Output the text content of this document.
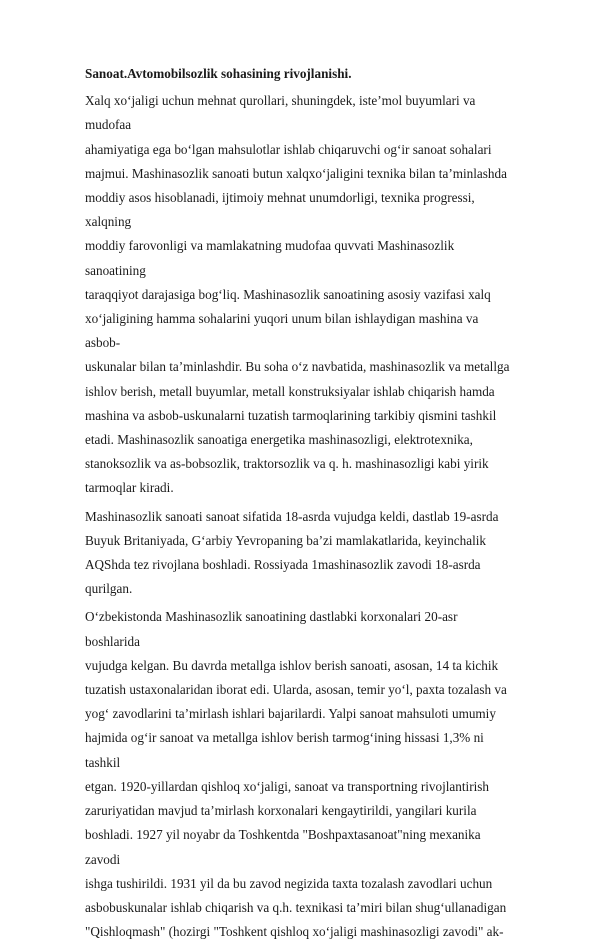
Sanoat.Avtomobilsozlik sohasining rivojlanishi.
Xalq xo‘jaligi uchun mehnat qurollari, shuningdek, iste’mol buyumlari va mudofaa
ahamiyatiga ega bo‘lgan mahsulotlar ishlab chiqaruvchi og‘ir sanoat sohalari
majmui. Mashinasozlik sanoati butun xalqxo‘jaligini texnika bilan ta’minlashda
moddiy asos hisoblanadi, ijtimoiy mehnat unumdorligi, texnika progressi, xalqning
moddiy farovonligi va mamlakatning mudofaa quvvati Mashinasozlik sanoatining
taraqqiyot darajasiga bog‘liq. Mashinasozlik sanoatining asosiy vazifasi xalq
xo‘jaligining hamma sohalarini yuqori unum bilan ishlaydigan mashina va asbob-
uskunalar bilan ta’minlashdir. Bu soha o‘z navbatida, mashinasozlik va metallga
ishlov berish, metall buyumlar, metall konstruksiyalar ishlab chiqarish hamda
mashina va asbob-uskunalarni tuzatish tarmoqlarining tarkibiy qismini tashkil
etadi. Mashinasozlik sanoatiga energetika mashinasozligi, elektrotexnika,
stanoksozlik va as-bobsozlik, traktorsozlik va q. h. mashinasozligi kabi yirik
tarmoqlar kiradi.
Mashinasozlik sanoati sanoat sifatida 18-asrda vujudga keldi, dastlab 19-asrda
Buyuk Britaniyada, G‘arbiy Yevropaning ba’zi mamlakatlarida, keyinchalik
AQShda tez rivojlana boshladi. Rossiyada 1mashinasozlik zavodi 18-asrda
qurilgan.
O‘zbekistonda Mashinasozlik sanoatining dastlabki korxonalari 20-asr boshlarida
vujudga kelgan. Bu davrda metallga ishlov berish sanoati, asosan, 14 ta kichik
tuzatish ustaxonalaridan iborat edi. Ularda, asosan, temir yo‘l, paxta tozalash va
yog‘ zavodlarini ta’mirlash ishlari bajarilardi. Yalpi sanoat mahsuloti umumiy
hajmida og‘ir sanoat va metallga ishlov berish tarmog‘ining hissasi 1,3% ni tashkil
etgan. 1920-yillardan qishloq xo‘jaligi, sanoat va transportning rivojlantirish
zaruriyatidan mavjud ta’mirlash korxonalari kengaytirildi, yangilari kurila
boshladi. 1927 yil noyabr da Toshkentda "Boshpaxtasanoat"ning mexanika zavodi
ishga tushirildi. 1931 yil da bu zavod negizida taxta tozalash zavodlari uchun
asbobuskunalar ishlab chiqarish va q.h. texnikasi ta’miri bilan shug‘ullanadigan
"Qishloqmash" (hozirgi "Toshkent qishloq xo‘jaligi mashinasozligi zavodi" ak-
